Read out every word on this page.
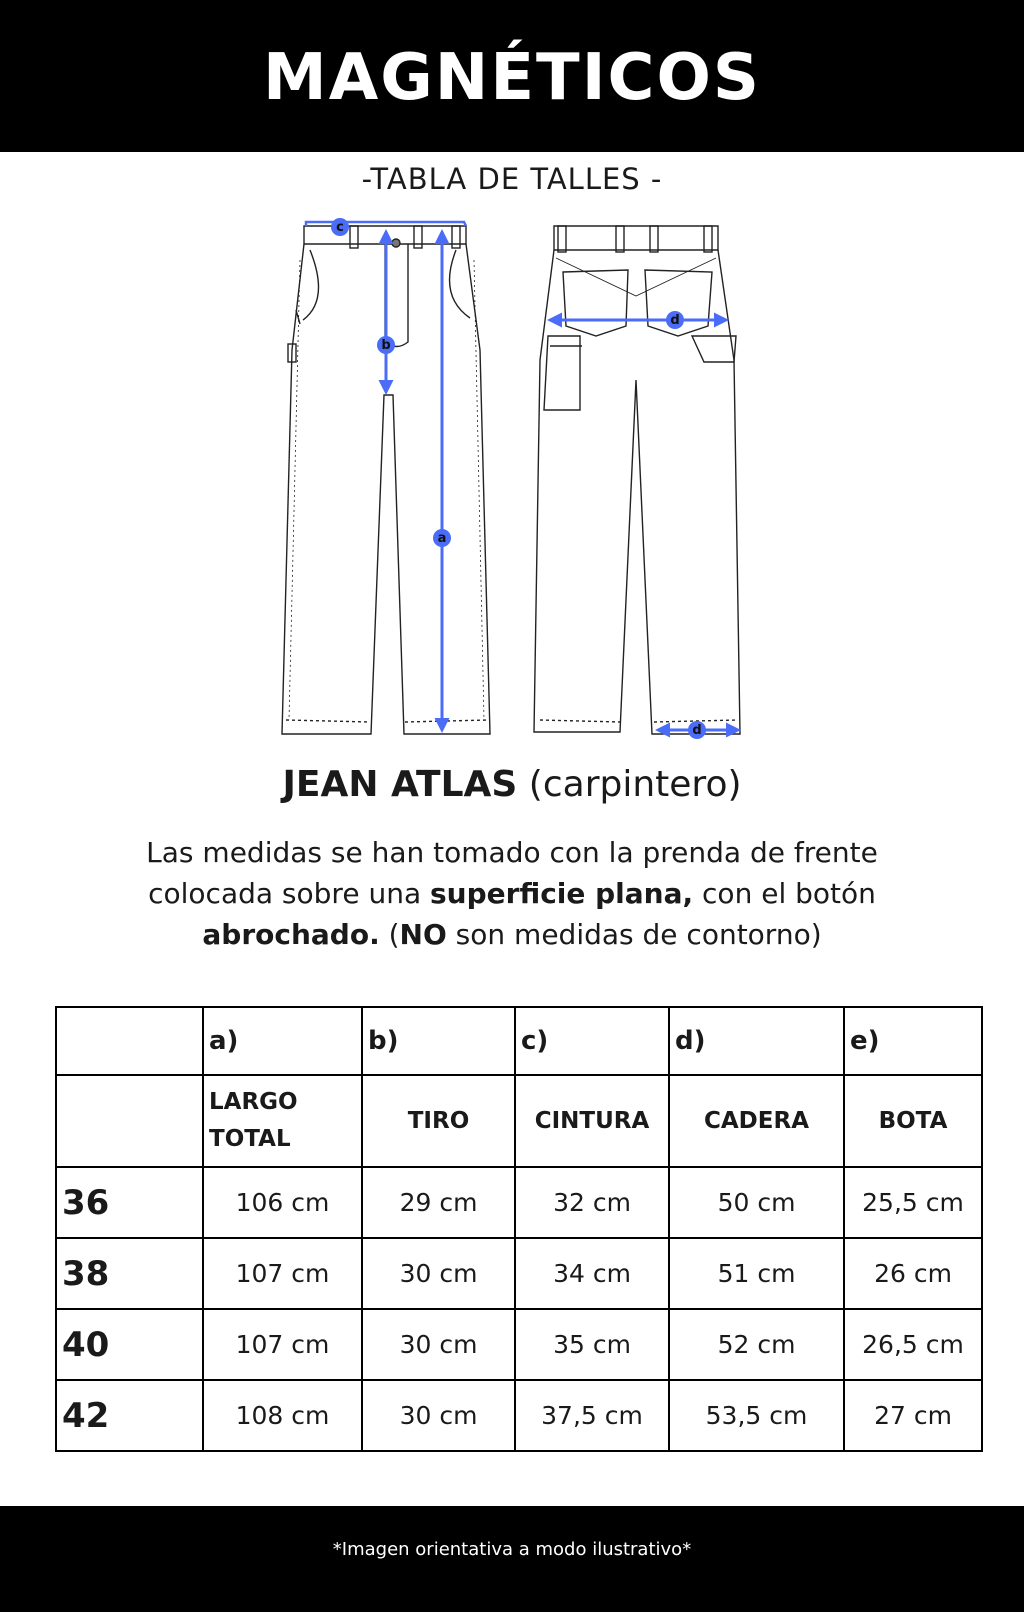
MAGNÉTICOS
-TABLA DE TALLES -
a
b
c
d
d
JEAN ATLAS (carpintero)
Las medidas se han tomado con la prenda de frente colocada sobre una superficie plana, con el botón abrochado. (NO son medidas de contorno)
	a)	b)	c)	d)	e)
	LARGO TOTAL	TIRO	CINTURA	CADERA	BOTA
36	106 cm	29 cm	32 cm	50 cm	25,5 cm
38	107 cm	30 cm	34 cm	51 cm	26 cm
40	107 cm	30 cm	35 cm	52 cm	26,5 cm
42	108 cm	30 cm	37,5 cm	53,5 cm	27 cm
*Imagen orientativa a modo ilustrativo*
